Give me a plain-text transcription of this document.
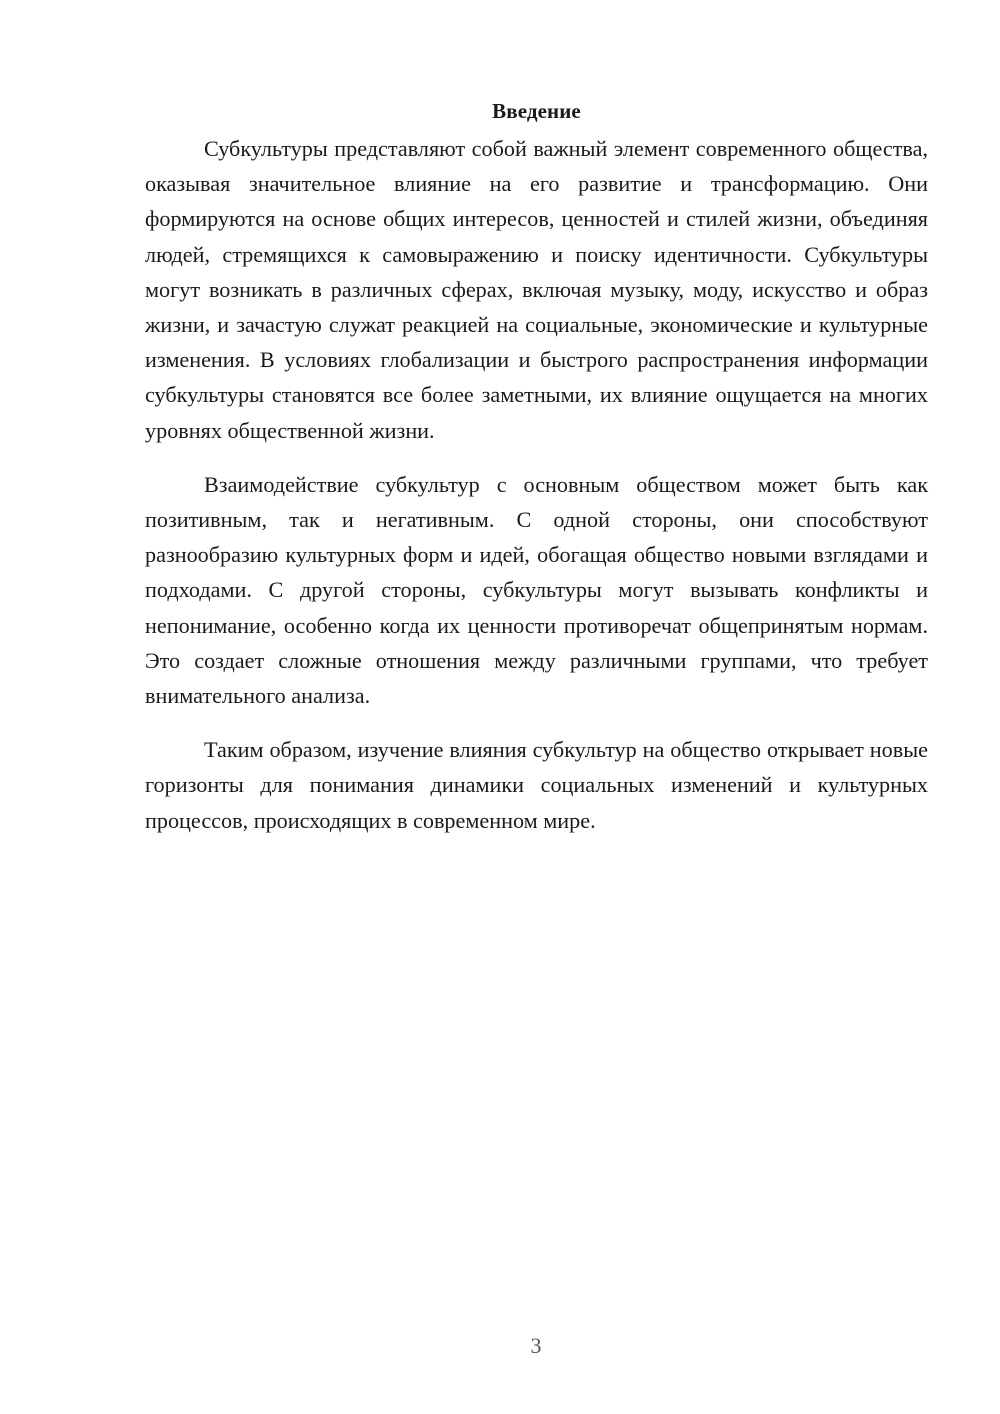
Введение

Субкультуры представляют собой важный элемент современного общества, оказывая значительное влияние на его развитие и трансформацию. Они формируются на основе общих интересов, ценностей и стилей жизни, объединяя людей, стремящихся к самовыражению и поиску идентичности. Субкультуры могут возникать в различных сферах, включая музыку, моду, искусство и образ жизни, и зачастую служат реакцией на социальные, экономические и культурные изменения. В условиях глобализации и быстрого распространения информации субкультуры становятся все более заметными, их влияние ощущается на многих уровнях общественной жизни.

Взаимодействие субкультур с основным обществом может быть как позитивным, так и негативным. С одной стороны, они способствуют разнообразию культурных форм и идей, обогащая общество новыми взглядами и подходами. С другой стороны, субкультуры могут вызывать конфликты и непонимание, особенно когда их ценности противоречат общепринятым нормам. Это создает сложные отношения между различными группами, что требует внимательного анализа.

Таким образом, изучение влияния субкультур на общество открывает новые горизонты для понимания динамики социальных изменений и культурных процессов, происходящих в современном мире.

3
